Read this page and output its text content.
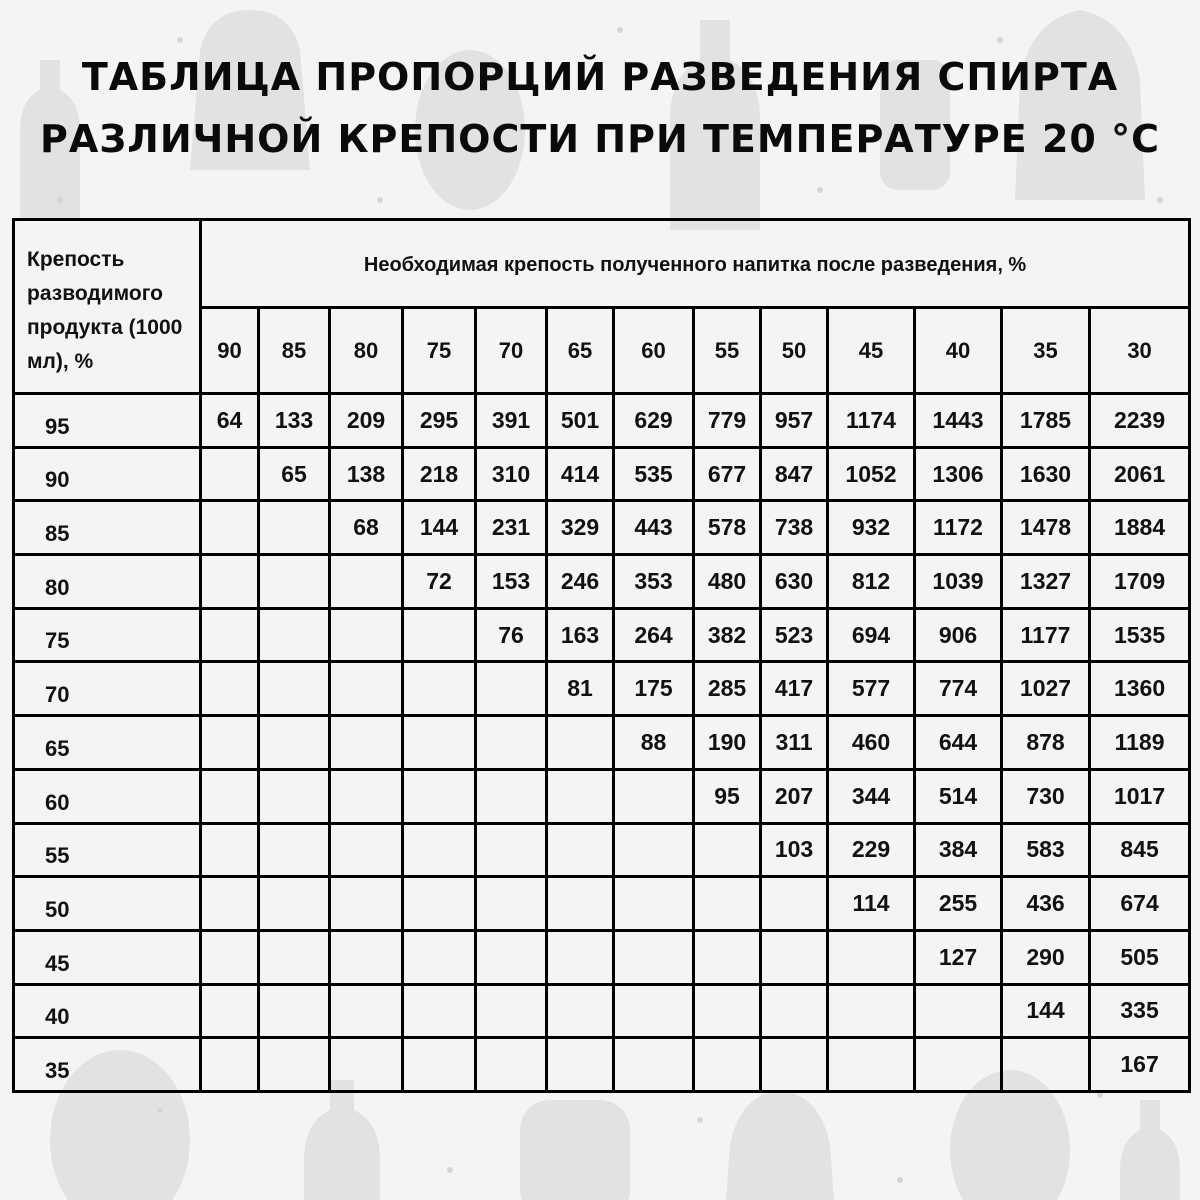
ТАБЛИЦА ПРОПОРЦИЙ РАЗВЕДЕНИЯ СПИРТА
РАЗЛИЧНОЙ КРЕПОСТИ ПРИ ТЕМПЕРАТУРЕ 20 °С
Крепость разводимого продукта (1000 мл), %	Необходимая крепость полученного напитка после разведения, %												
	90	85	80	75	70	65	60	55	50	45	40	35	30
95	64	133	209	295	391	501	629	779	957	1174	1443	1785	2239
90		65	138	218	310	414	535	677	847	1052	1306	1630	2061
85			68	144	231	329	443	578	738	932	1172	1478	1884
80				72	153	246	353	480	630	812	1039	1327	1709
75					76	163	264	382	523	694	906	1177	1535
70						81	175	285	417	577	774	1027	1360
65							88	190	311	460	644	878	1189
60								95	207	344	514	730	1017
55									103	229	384	583	845
50										114	255	436	674
45											127	290	505
40												144	335
35													167
